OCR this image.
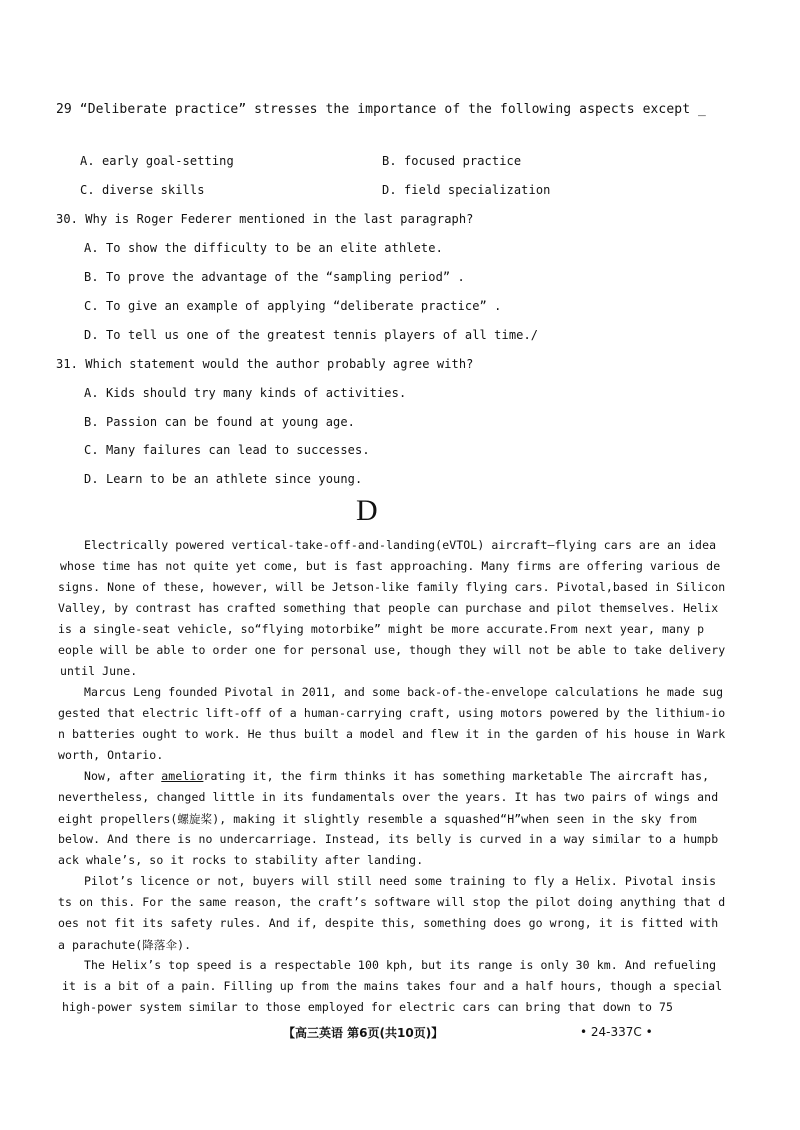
29 “Deliberate practice” stresses the importance of the following aspects except _
A. early goal-setting	B. focused practice
C. diverse skills	D. field specialization
30. Why is Roger Federer mentioned in the last paragraph?
A. To show the difficulty to be an elite athlete.
B. To prove the advantage of the “sampling period” .
C. To give an example of applying “deliberate practice” .
D. To tell us one of the greatest tennis players of all time./
31. Which statement would the author probably agree with?
A. Kids should try many kinds of activities.
B. Passion can be found at young age.
C. Many failures can lead to successes.
D. Learn to be an athlete since young.
D
Electrically powered vertical-take-off-and-landing(eVTOL) aircraft—flying cars are an idea
whose time has not quite yet come, but is fast approaching. Many firms are offering various de
signs. None of these, however, will be Jetson-like family flying cars. Pivotal,based in Silicon
Valley, by contrast has crafted something that people can purchase and pilot themselves. Helix
is a single-seat vehicle, so“flying motorbike” might be more accurate.From next year, many p
eople will be able to order one for personal use, though they will not be able to take delivery
until June.
Marcus Leng founded Pivotal in 2011, and some back-of-the-envelope calculations he made sug
gested that electric lift-off of a human-carrying craft, using motors powered by the lithium-io
n batteries ought to work. He thus built a model and flew it in the garden of his house in Wark
worth, Ontario.
Now, after ameliorating it, the firm thinks it has something marketable The aircraft has,
nevertheless, changed little in its fundamentals over the years. It has two pairs of wings and
eight propellers(螺旋桨), making it slightly resemble a squashed“H”when seen in the sky from
below. And there is no undercarriage. Instead, its belly is curved in a way similar to a humpb
ack whale’s, so it rocks to stability after landing.
Pilot’s licence or not, buyers will still need some training to fly a Helix. Pivotal insis
ts on this. For the same reason, the craft’s software will stop the pilot doing anything that d
oes not fit its safety rules. And if, despite this, something does go wrong, it is fitted with
a parachute(降落伞).
The Helix’s top speed is a respectable 100 kph, but its range is only 30 km. And refueling
it is a bit of a pain. Filling up from the mains takes four and a half hours, though a special
high-power system similar to those employed for electric cars can bring that down to 75
【高三英语 第6页(共10页)】	• 24-337C •
